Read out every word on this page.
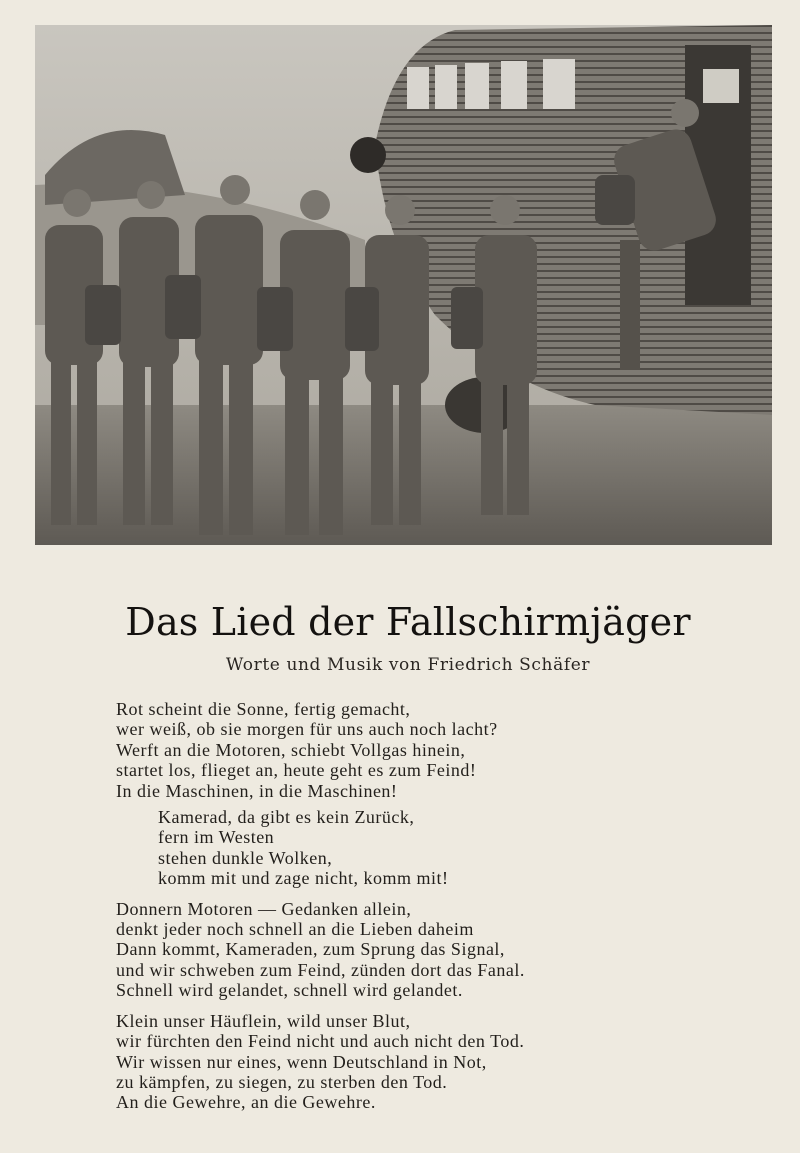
Das Lied der Fallschirmjäger
Worte und Musik von Friedrich Schäfer
Rot scheint die Sonne, fertig gemacht,
wer weiß, ob sie morgen für uns auch noch lacht?
Werft an die Motoren, schiebt Vollgas hinein,
startet los, flieget an, heute geht es zum Feind!
In die Maschinen, in die Maschinen!
Kamerad, da gibt es kein Zurück,
fern im Westen
stehen dunkle Wolken,
komm mit und zage nicht, komm mit!
Donnern Motoren — Gedanken allein,
denkt jeder noch schnell an die Lieben daheim
Dann kommt, Kameraden, zum Sprung das Signal,
und wir schweben zum Feind, zünden dort das Fanal.
Schnell wird gelandet, schnell wird gelandet.
Klein unser Häuflein, wild unser Blut,
wir fürchten den Feind nicht und auch nicht den Tod.
Wir wissen nur eines, wenn Deutschland in Not,
zu kämpfen, zu siegen, zu sterben den Tod.
An die Gewehre, an die Gewehre.
